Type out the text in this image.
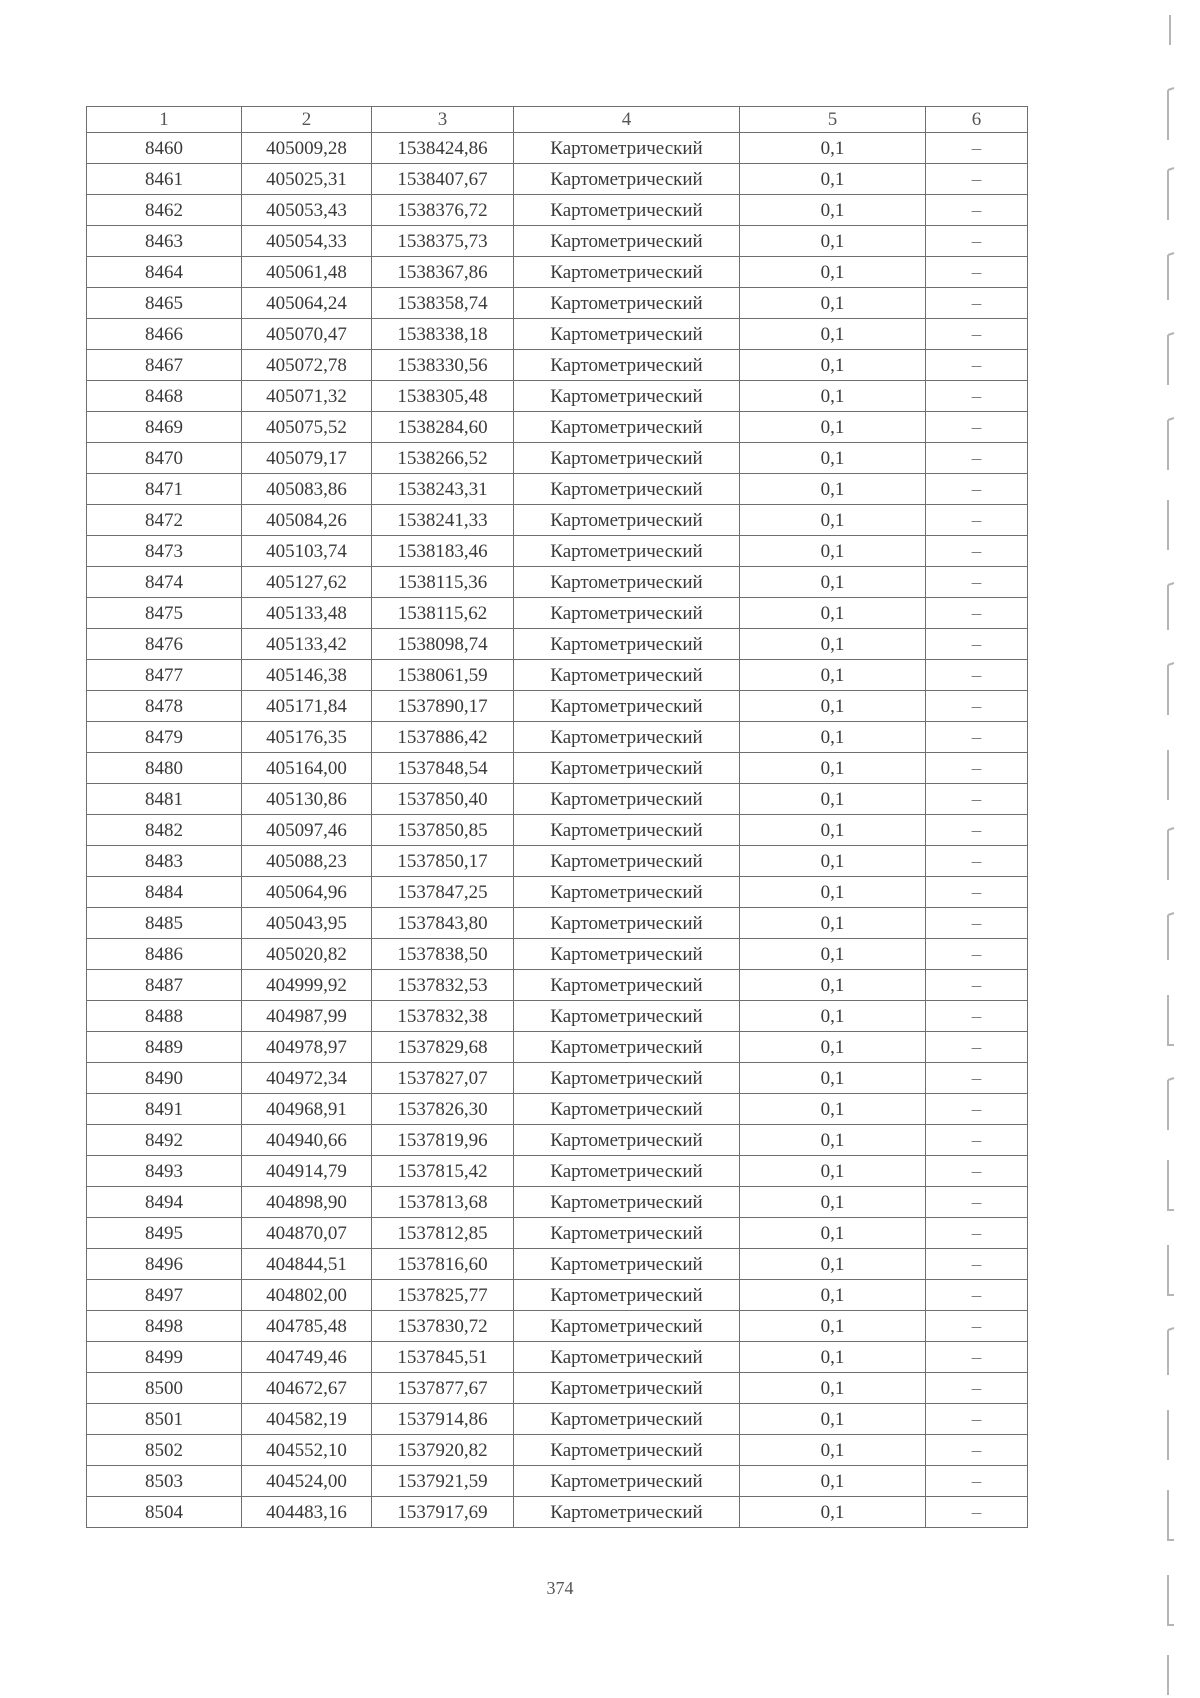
1	2	3	4	5	6
8460	405009,28	1538424,86	Картометрический	0,1	–
8461	405025,31	1538407,67	Картометрический	0,1	–
8462	405053,43	1538376,72	Картометрический	0,1	–
8463	405054,33	1538375,73	Картометрический	0,1	–
8464	405061,48	1538367,86	Картометрический	0,1	–
8465	405064,24	1538358,74	Картометрический	0,1	–
8466	405070,47	1538338,18	Картометрический	0,1	–
8467	405072,78	1538330,56	Картометрический	0,1	–
8468	405071,32	1538305,48	Картометрический	0,1	–
8469	405075,52	1538284,60	Картометрический	0,1	–
8470	405079,17	1538266,52	Картометрический	0,1	–
8471	405083,86	1538243,31	Картометрический	0,1	–
8472	405084,26	1538241,33	Картометрический	0,1	–
8473	405103,74	1538183,46	Картометрический	0,1	–
8474	405127,62	1538115,36	Картометрический	0,1	–
8475	405133,48	1538115,62	Картометрический	0,1	–
8476	405133,42	1538098,74	Картометрический	0,1	–
8477	405146,38	1538061,59	Картометрический	0,1	–
8478	405171,84	1537890,17	Картометрический	0,1	–
8479	405176,35	1537886,42	Картометрический	0,1	–
8480	405164,00	1537848,54	Картометрический	0,1	–
8481	405130,86	1537850,40	Картометрический	0,1	–
8482	405097,46	1537850,85	Картометрический	0,1	–
8483	405088,23	1537850,17	Картометрический	0,1	–
8484	405064,96	1537847,25	Картометрический	0,1	–
8485	405043,95	1537843,80	Картометрический	0,1	–
8486	405020,82	1537838,50	Картометрический	0,1	–
8487	404999,92	1537832,53	Картометрический	0,1	–
8488	404987,99	1537832,38	Картометрический	0,1	–
8489	404978,97	1537829,68	Картометрический	0,1	–
8490	404972,34	1537827,07	Картометрический	0,1	–
8491	404968,91	1537826,30	Картометрический	0,1	–
8492	404940,66	1537819,96	Картометрический	0,1	–
8493	404914,79	1537815,42	Картометрический	0,1	–
8494	404898,90	1537813,68	Картометрический	0,1	–
8495	404870,07	1537812,85	Картометрический	0,1	–
8496	404844,51	1537816,60	Картометрический	0,1	–
8497	404802,00	1537825,77	Картометрический	0,1	–
8498	404785,48	1537830,72	Картометрический	0,1	–
8499	404749,46	1537845,51	Картометрический	0,1	–
8500	404672,67	1537877,67	Картометрический	0,1	–
8501	404582,19	1537914,86	Картометрический	0,1	–
8502	404552,10	1537920,82	Картометрический	0,1	–
8503	404524,00	1537921,59	Картометрический	0,1	–
8504	404483,16	1537917,69	Картометрический	0,1	–
374
